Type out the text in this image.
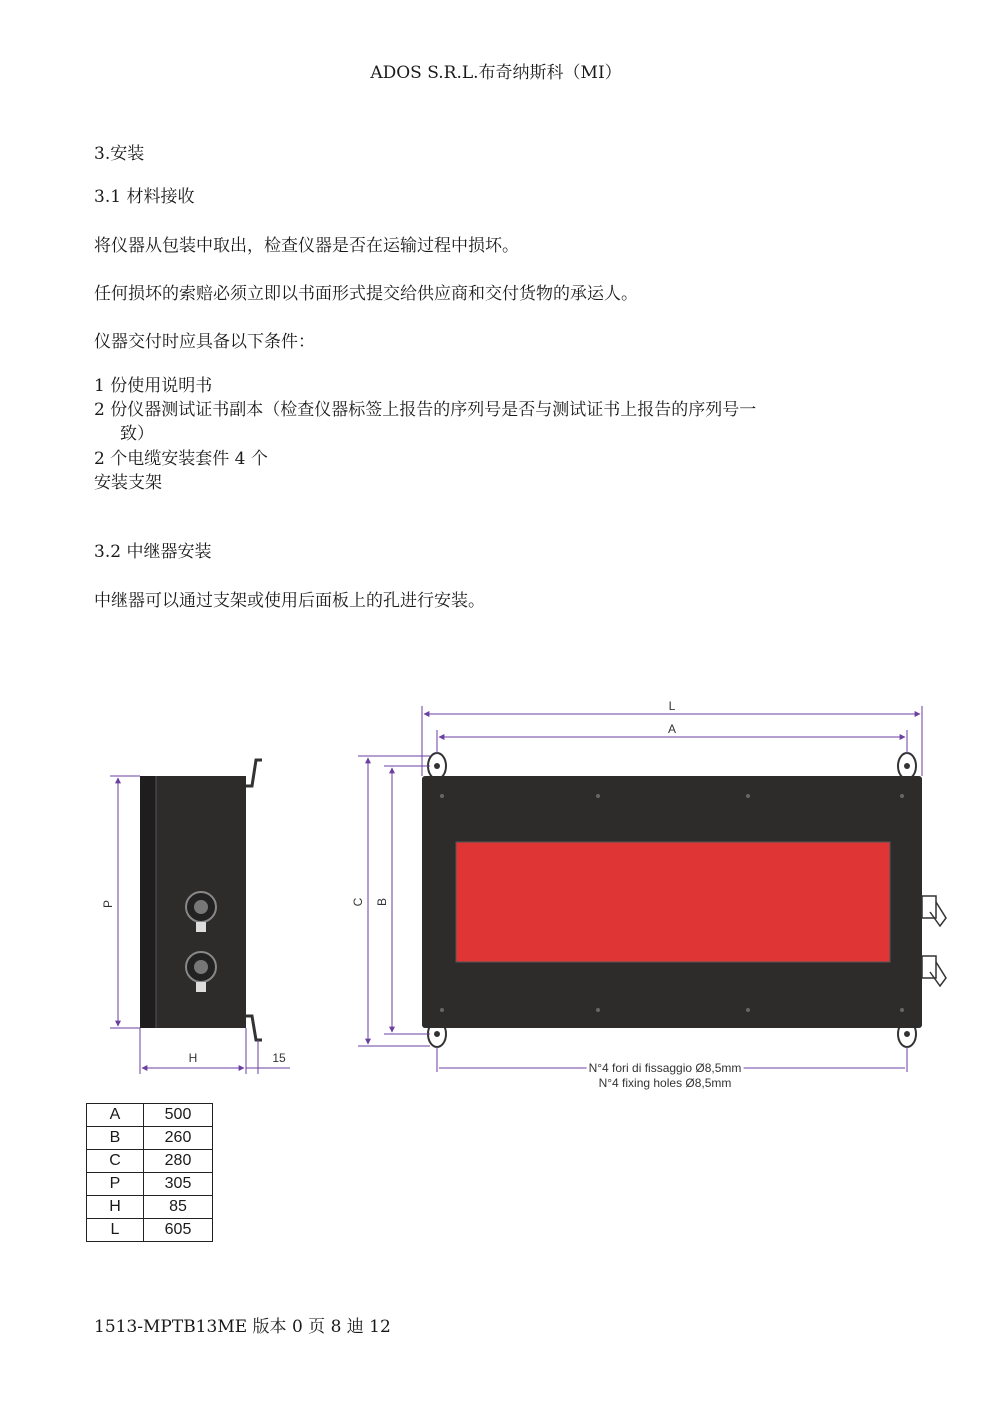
ADOS S.R.L.布奇纳斯科（MI）
3.安装
3.1 材料接收
将仪器从包装中取出，检查仪器是否在运输过程中损坏。
任何损坏的索赔必须立即以书面形式提交给供应商和交付货物的承运人。
仪器交付时应具备以下条件：
1 份使用说明书
2 份仪器测试证书副本（检查仪器标签上报告的序列号是否与测试证书上报告的序列号一
致）
2 个电缆安装套件 4 个
安装支架
3.2 中继器安装
中继器可以通过支架或使用后面板上的孔进行安装。
P
H	15
L
A
C B
N°4 fori di fissaggio Ø8,5mm
N°4 fixing holes Ø8,5mm
A	500
B	260
C	280
P	305
H	85
L	605
1513-MPTB13ME 版本 0 页 8 迪 12
